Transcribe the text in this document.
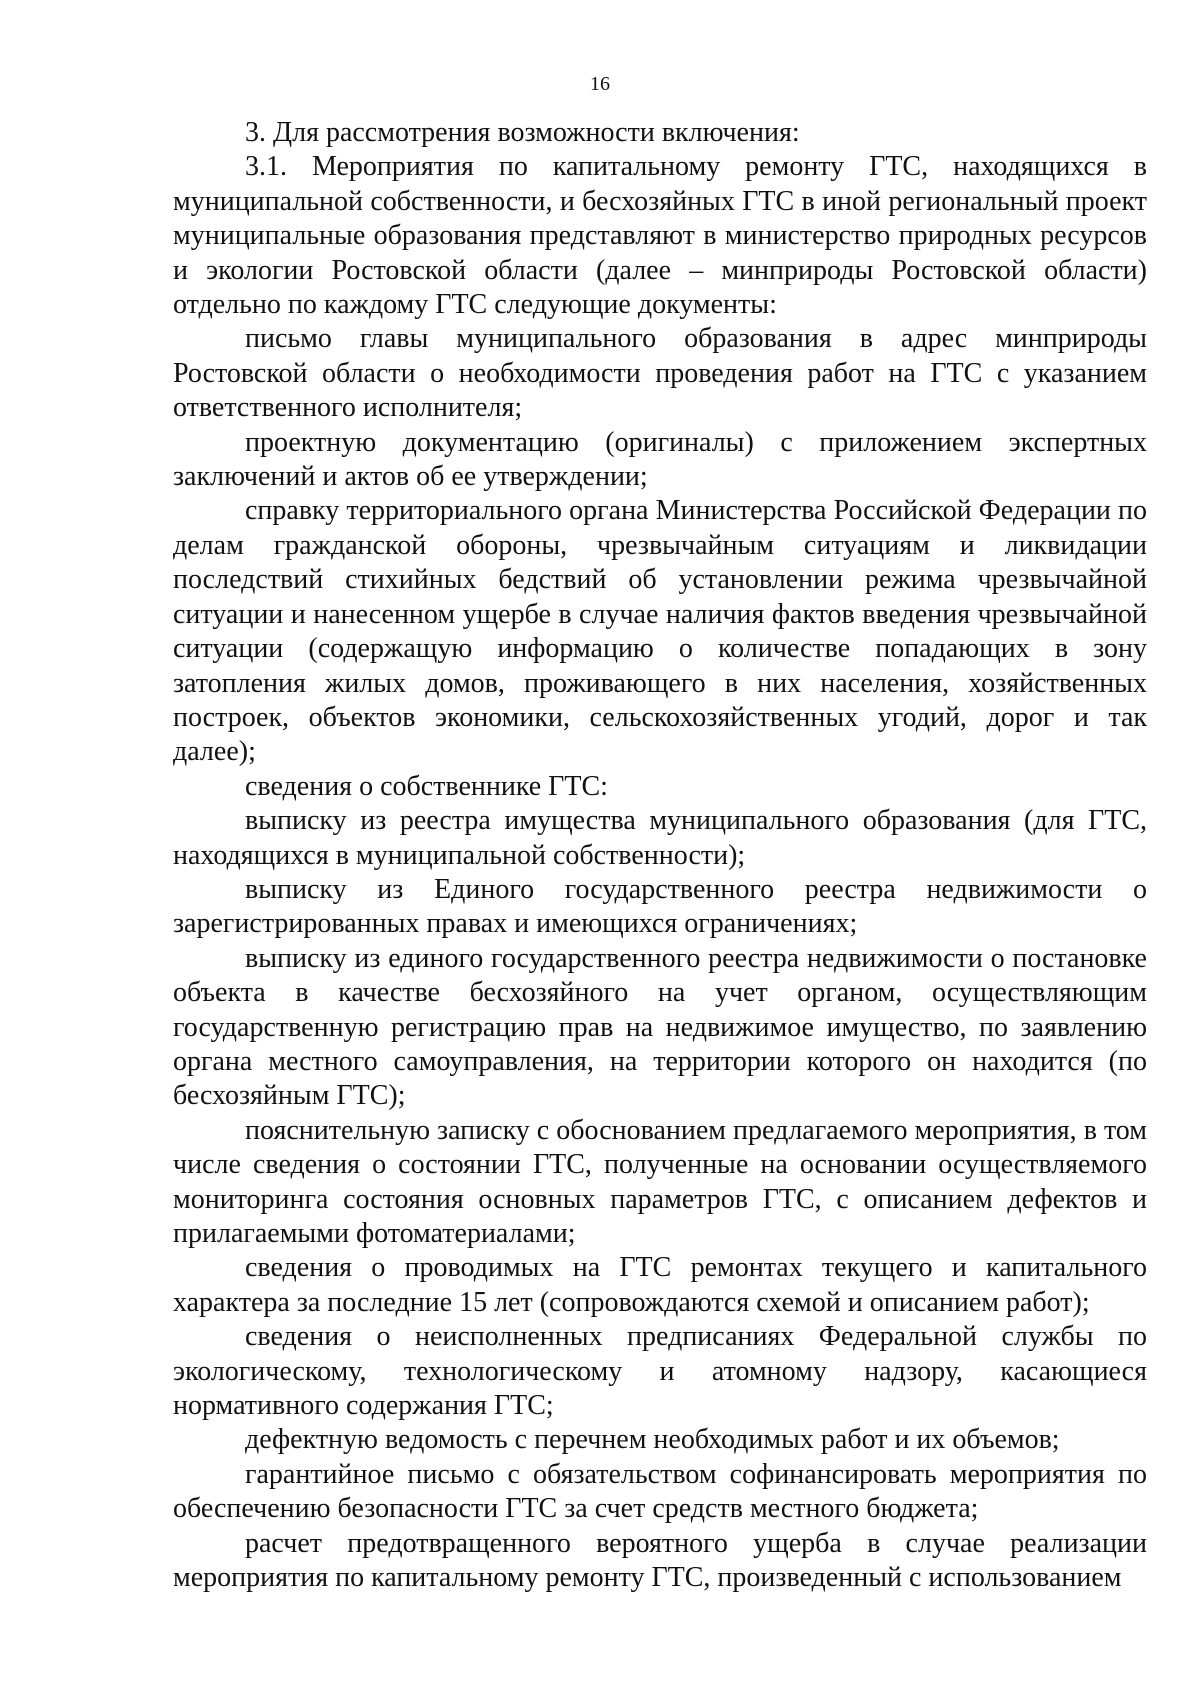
16

3. Для рассмотрения возможности включения:

3.1. Мероприятия по капитальному ремонту ГТС, находящихся в муниципальной собственности, и бесхозяйных ГТС в иной региональный проект муниципальные образования представляют в министерство природных ресурсов и экологии Ростовской области (далее – минприроды Ростовской области) отдельно по каждому ГТС следующие документы:

письмо главы муниципального образования в адрес минприроды Ростовской области о необходимости проведения работ на ГТС с указанием ответственного исполнителя;

проектную документацию (оригиналы) с приложением экспертных заключений и актов об ее утверждении;

справку территориального органа Министерства Российской Федерации по делам гражданской обороны, чрезвычайным ситуациям и ликвидации последствий стихийных бедствий об установлении режима чрезвычайной ситуации и нанесенном ущербе в случае наличия фактов введения чрезвычайной ситуации (содержащую информацию о количестве попадающих в зону затопления жилых домов, проживающего в них населения, хозяйственных построек, объектов экономики, сельскохозяйственных угодий, дорог и так далее);

сведения о собственнике ГТС:

выписку из реестра имущества муниципального образования (для ГТС, находящихся в муниципальной собственности);

выписку из Единого государственного реестра недвижимости о зарегистрированных правах и имеющихся ограничениях;

выписку из единого государственного реестра недвижимости о постановке объекта в качестве бесхозяйного на учет органом, осуществляющим государственную регистрацию прав на недвижимое имущество, по заявлению органа местного самоуправления, на территории которого он находится (по бесхозяйным ГТС);

пояснительную записку с обоснованием предлагаемого мероприятия, в том числе сведения о состоянии ГТС, полученные на основании осуществляемого мониторинга состояния основных параметров ГТС, с описанием дефектов и прилагаемыми фотоматериалами;

сведения о проводимых на ГТС ремонтах текущего и капитального характера за последние 15 лет (сопровождаются схемой и описанием работ);

сведения о неисполненных предписаниях Федеральной службы по экологическому, технологическому и атомному надзору, касающиеся нормативного содержания ГТС;

дефектную ведомость с перечнем необходимых работ и их объемов;

гарантийное письмо с обязательством софинансировать мероприятия по обеспечению безопасности ГТС за счет средств местного бюджета;

расчет предотвращенного вероятного ущерба в случае реализации мероприятия по капитальному ремонту ГТС, произведенный с использованием
